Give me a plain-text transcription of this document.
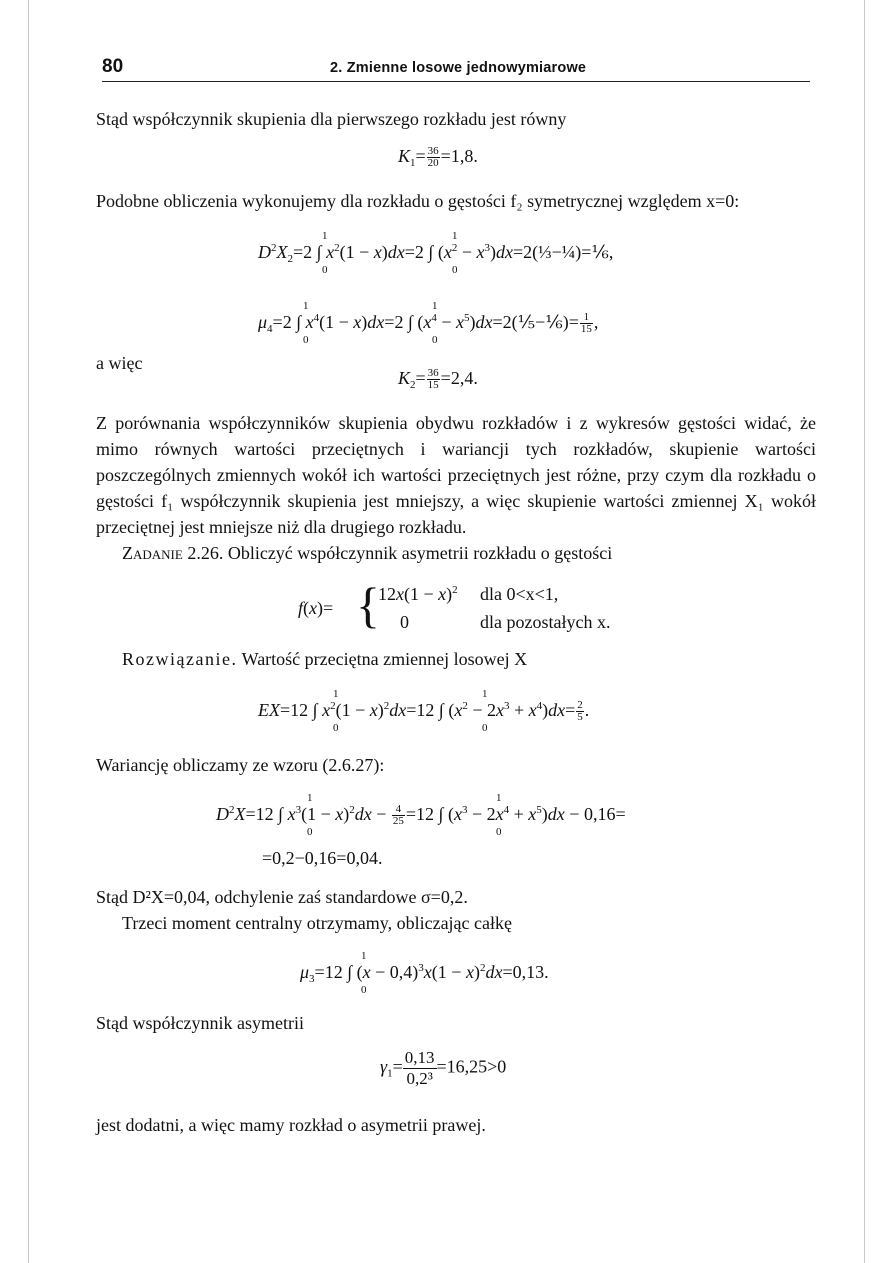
80	2. Zmienne losowe jednowymiarowe
Stąd współczynnik skupienia dla pierwszego rozkładu jest równy
$K_1= \frac{36}{20} =1,8$.
Podobne obliczenia wykonujemy dla rozkładu o gęstości f₂ symetrycznej względem x=0:
$D^2X_2=2$ ∫ $x^2(1 - x)dx=2$ ∫ ($x^2$ − $x^3)dx=2(\frac{1}{3}-\frac{1}{4})=\frac{1}{6}$,
1
0
1
0
$\mu_4=2$ ∫ $x^4(1 - x)dx=2$ ∫ ($x^4$ − $x^5)dx=2(\frac{1}{5}-\frac{1}{6})= \frac{1}{15}$ ,
1
0
1
0
a więc
$K_2= \frac{36}{15} =2,4$.
Z porównania współczynników skupienia obydwu rozkładów i z wykresów gęstości widać, że mimo równych wartości przeciętnych i wariancji tych rozkładów, skupienie wartości poszczególnych zmiennych wokół ich wartości przeciętnych jest różne, przy czym dla rozkładu o gęstości f₁ współczynnik skupienia jest mniejszy, a więc skupienie wartości zmiennej X₁ wokół przeciętnej jest mniejsze niż dla drugiego rozkładu.
Zadanie 2.26. Obliczyć współczynnik asymetrii rozkładu o gęstości
f(x)= {
$12x(1 - x)^2$ dla 0<x<1,
0	dla pozostałych x.
Rozwiązanie. Wartość przeciętna zmiennej losowej X
EX=12 ∫ $x^2(1 - x)^2dx=12$ ∫ $(x^2 - 2x^3 + x^4)dx= \frac{2}{5}$ .
1
0
1
0
Wariancję obliczamy ze wzoru (2.6.27):
$D^2X=12$ ∫ $x^3(1 - x)^2dx - \frac{4}{25} =12$ ∫ $(x^3 - 2x^4 + x^5)dx - 0,16=$
1
0
1
0
=0,2−0,16=0,04.
Stąd D²X=0,04, odchylenie zaś standardowe σ=0,2.
Trzeci moment centralny otrzymamy, obliczając całkę
$\mu_3=12$ ∫ $(x - 0,4)^3x(1 - x)^2dx=0,13$.
1
0
Stąd współczynnik asymetrii
$\gamma_1= \frac{0,13}{\text{0,2³}} =16,25>0$
jest dodatni, a więc mamy rozkład o asymetrii prawej.
